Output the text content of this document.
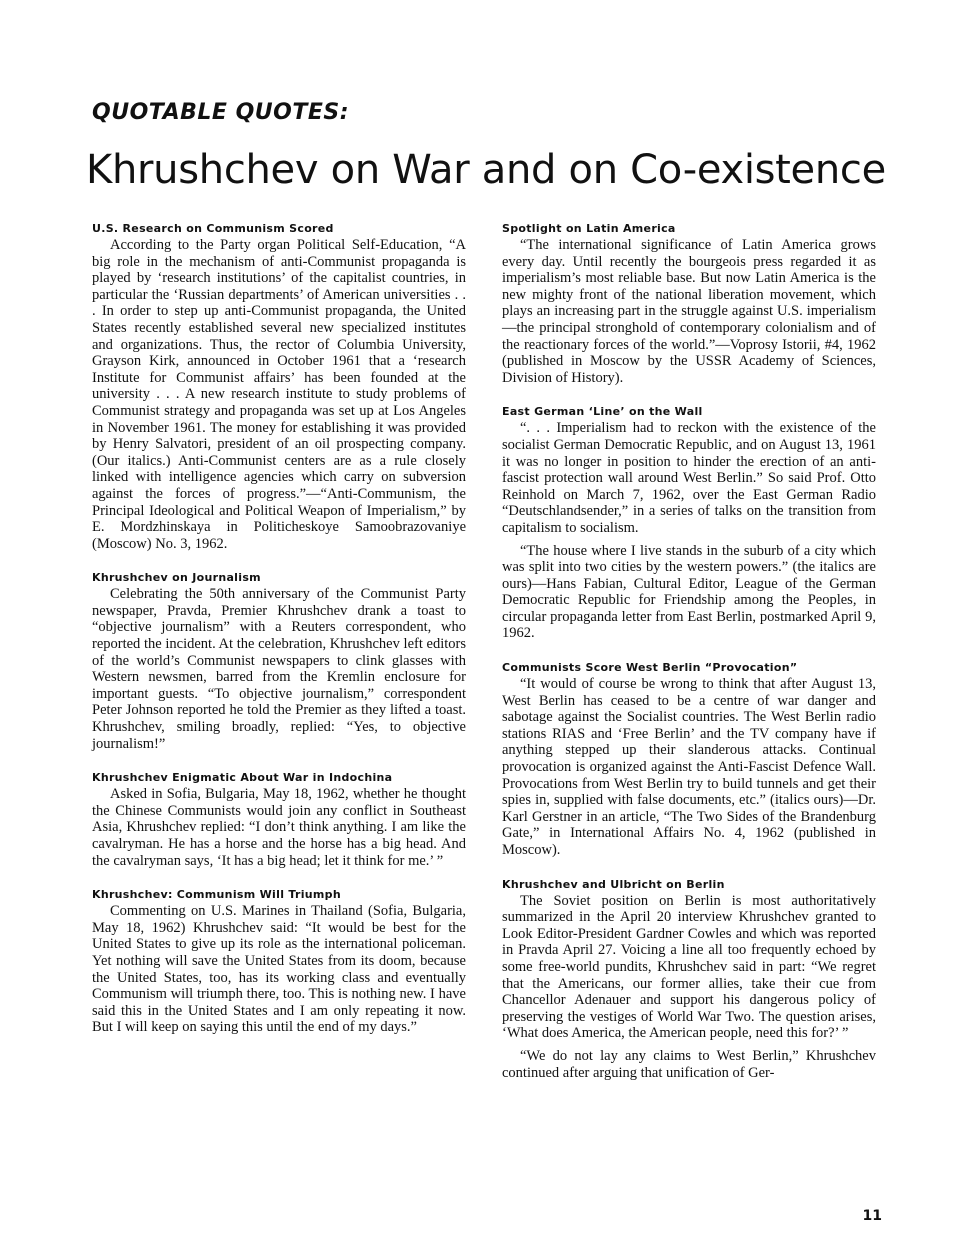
QUOTABLE QUOTES:
Khrushchev on War and on Co-existence
U.S. Research on Communism Scored

According to the Party organ Political Self-Education, “A big role in the mechanism of anti-Communist propaganda is played by ‘research institutions’ of the capitalist countries, in particular the ‘Russian departments’ of American universities . . . In order to step up anti-Communist propaganda, the United States recently established several new specialized institutes and organizations. Thus, the rector of Columbia University, Grayson Kirk, announced in October 1961 that a ‘research Institute for Communist affairs’ has been founded at the university . . . A new research institute to study problems of Communist strategy and propaganda was set up at Los Angeles in November 1961. The money for establishing it was provided by Henry Salvatori, president of an oil prospecting company. (Our italics.) Anti-Communist centers are as a rule closely linked with intelligence agencies which carry on subversion against the forces of progress.”—“Anti-Communism, the Principal Ideological and Political Weapon of Imperialism,” by E. Mordzhinskaya in Politicheskoye Samoobrazovaniye (Moscow) No. 3, 1962.

Khrushchev on Journalism

Celebrating the 50th anniversary of the Communist Party newspaper, Pravda, Premier Khrushchev drank a toast to “objective journalism” with a Reuters correspondent, who reported the incident. At the celebration, Khrushchev left editors of the world’s Communist newspapers to clink glasses with Western newsmen, barred from the Kremlin enclosure for important guests. “To objective journalism,” correspondent Peter Johnson reported he told the Premier as they lifted a toast. Khrushchev, smiling broadly, replied: “Yes, to objective journalism!”

Khrushchev Enigmatic About War in Indochina

Asked in Sofia, Bulgaria, May 18, 1962, whether he thought the Chinese Communists would join any conflict in Southeast Asia, Khrushchev replied: “I don’t think anything. I am like the cavalryman. He has a horse and the horse has a big head. And the cavalryman says, ‘It has a big head; let it think for me.’ ”

Khrushchev: Communism Will Triumph

Commenting on U.S. Marines in Thailand (Sofia, Bulgaria, May 18, 1962) Khrushchev said: “It would be best for the United States to give up its role as the international policeman. Yet nothing will save the United States from its doom, because the United States, too, has its working class and eventually Communism will triumph there, too. This is nothing new. I have said this in the United States and I am only repeating it now. But I will keep on saying this until the end of my days.”

Spotlight on Latin America

“The international significance of Latin America grows every day. Until recently the bourgeois press regarded it as imperialism’s most reliable base. But now Latin America is the new mighty front of the national liberation movement, which plays an increasing part in the struggle against U.S. imperialism—the principal stronghold of contemporary colonialism and of the reactionary forces of the world.”—Voprosy Istorii, #4, 1962 (published in Moscow by the USSR Academy of Sciences, Division of History).

East German ‘Line’ on the Wall

“. . . Imperialism had to reckon with the existence of the socialist German Democratic Republic, and on August 13, 1961 it was no longer in position to hinder the erection of an anti-fascist protection wall around West Berlin.” So said Prof. Otto Reinhold on March 7, 1962, over the East German Radio “Deutschlandsender,” in a series of talks on the transition from capitalism to socialism.

“The house where I live stands in the suburb of a city which was split into two cities by the western powers.” (the italics are ours)—Hans Fabian, Cultural Editor, League of the German Democratic Republic for Friendship among the Peoples, in circular propaganda letter from East Berlin, postmarked April 9, 1962.

Communists Score West Berlin “Provocation”

“It would of course be wrong to think that after August 13, West Berlin has ceased to be a centre of war danger and sabotage against the Socialist countries. The West Berlin radio stations RIAS and ‘Free Berlin’ and the TV company have if anything stepped up their slanderous attacks. Continual provocation is organized against the Anti-Fascist Defence Wall. Provocations from West Berlin try to build tunnels and get their spies in, supplied with false documents, etc.” (italics ours)—Dr. Karl Gerstner in an article, “The Two Sides of the Brandenburg Gate,” in International Affairs No. 4, 1962 (published in Moscow).

Khrushchev and Ulbricht on Berlin

The Soviet position on Berlin is most authoritatively summarized in the April 20 interview Khrushchev granted to Look Editor-President Gardner Cowles and which was reported in Pravda April 27. Voicing a line all too frequently echoed by some free-world pundits, Khrushchev said in part: “We regret that the Americans, our former allies, take their cue from Chancellor Adenauer and support his dangerous policy of preserving the vestiges of World War Two. The question arises, ‘What does America, the American people, need this for?’ ”

“We do not lay any claims to West Berlin,” Khrushchev continued after arguing that unification of Ger-

11
